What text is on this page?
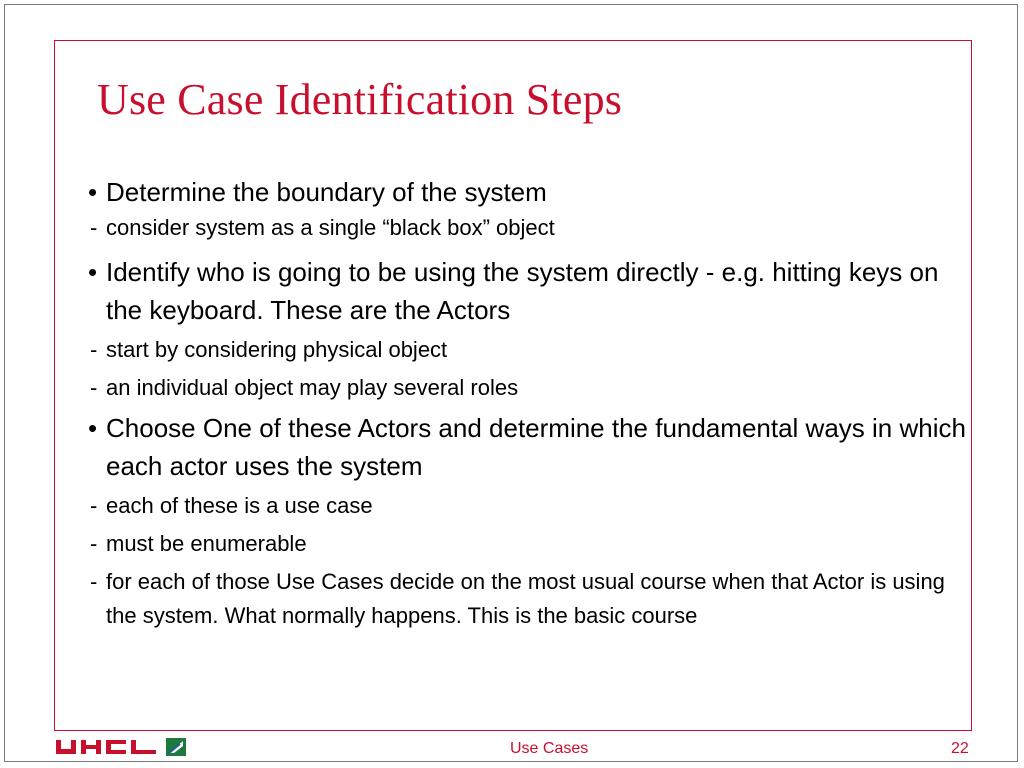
Use Case Identification Steps
• Determine the boundary of the system
- consider system as a single “black box” object
• Identify who is going to be using the system directly - e.g. hitting keys on the keyboard. These are the Actors
- start by considering physical object
- an individual object may play several roles
• Choose One of these Actors and determine the fundamental ways in which each actor uses the system
- each of these is a use case
- must be enumerable
- for each of those Use Cases decide on the most usual course when that Actor is using the system. What normally happens. This is the basic course
Use Cases	22
